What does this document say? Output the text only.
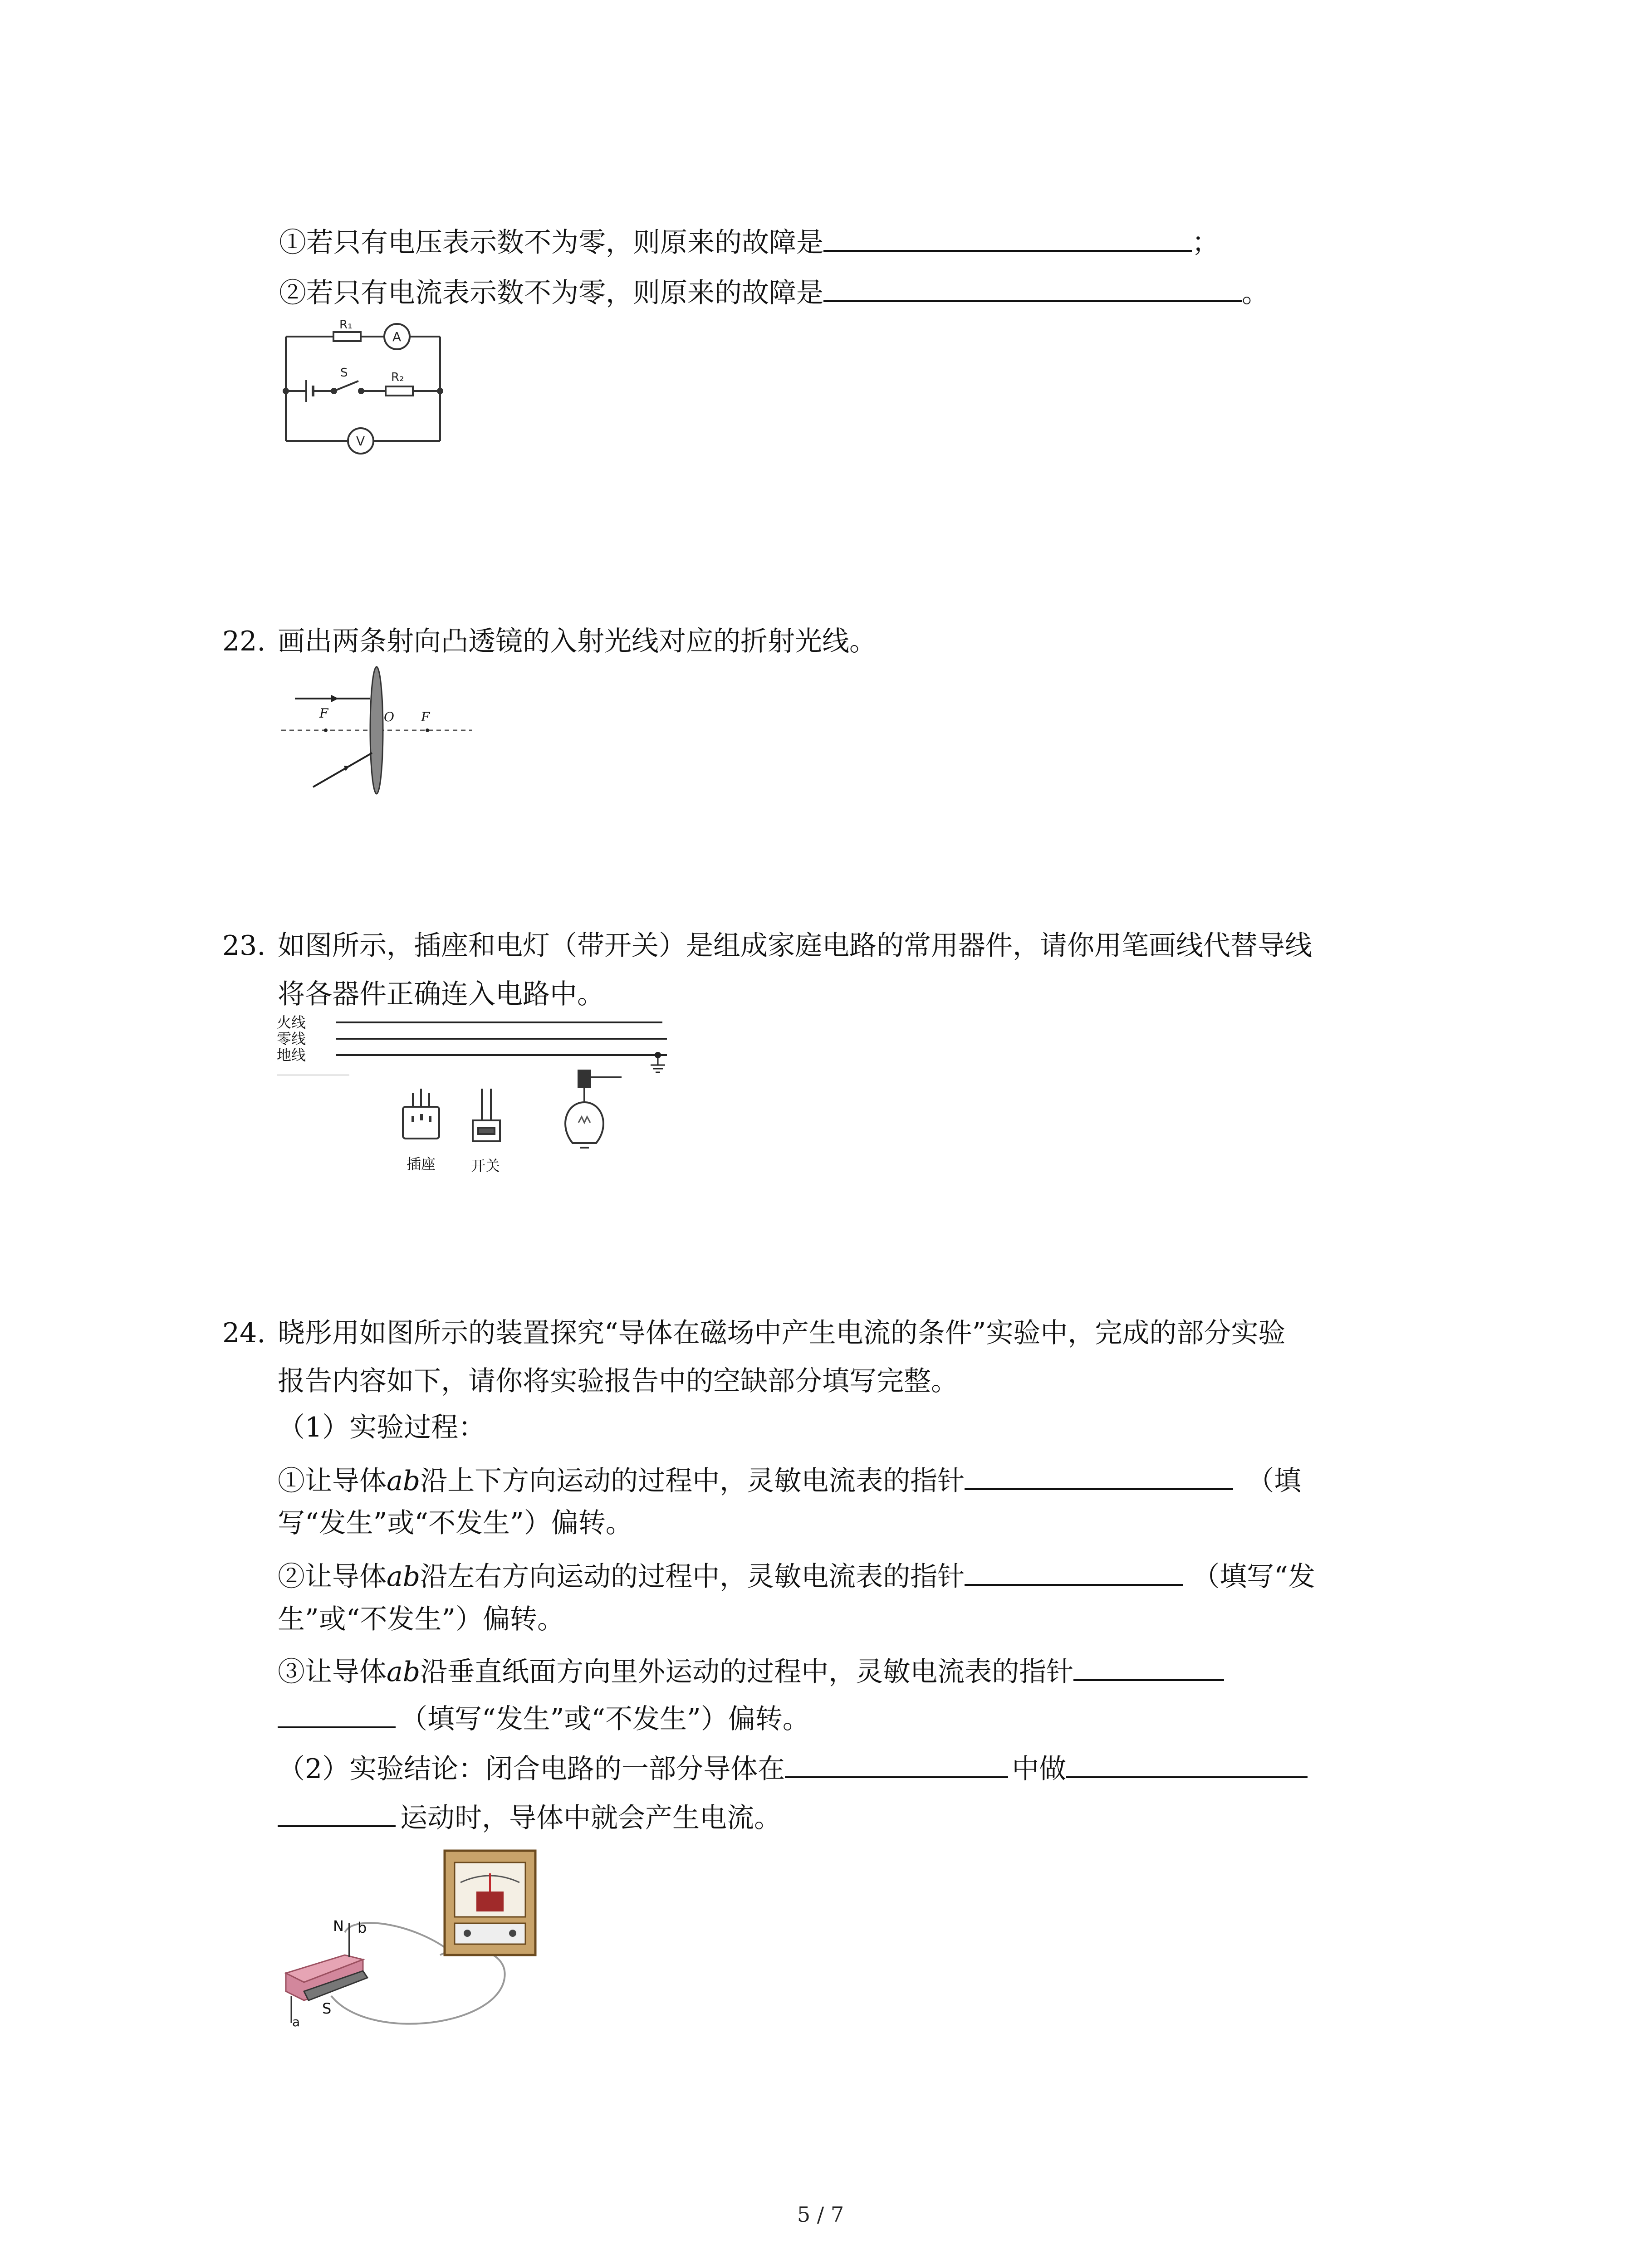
①若只有电压表示数不为零，则原来的故障是	；
②若只有电流表示数不为零，则原来的故障是	。
R₁
A
S	R₂
V
22. 画出两条射向凸透镜的入射光线对应的折射光线。
F	O F
23. 如图所示，插座和电灯（带开关）是组成家庭电路的常用器件，请你用笔画线代替导线
将各器件正确连入电路中。
火线
零线
地线
插座 开关
24. 晓彤用如图所示的装置探究“导体在磁场中产生电流的条件”实验中，完成的部分实验
报告内容如下，请你将实验报告中的空缺部分填写完整。
（1）实验过程：
①让导体ab沿上下方向运动的过程中，灵敏电流表的指针	（填
写“发生”或“不发生”）偏转。
②让导体ab沿左右方向运动的过程中，灵敏电流表的指针	（填写“发
生”或“不发生”）偏转。
③让导体ab沿垂直纸面方向里外运动的过程中，灵敏电流表的指针
（填写“发生”或“不发生”）偏转。
（2）实验结论：闭合电路的一部分导体在	中做
运动时，导体中就会产生电流。
N b
S
a
5 / 7
